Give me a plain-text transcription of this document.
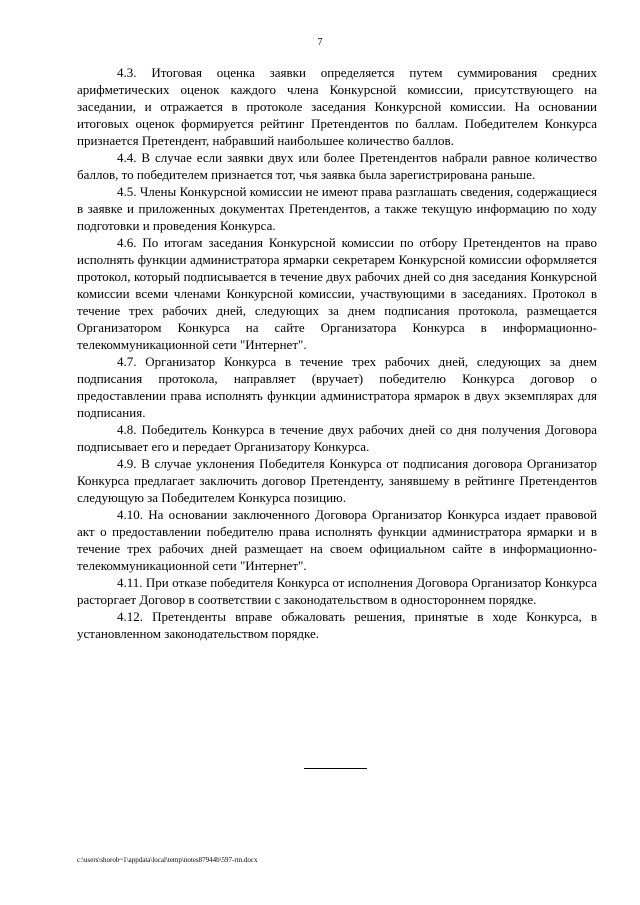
7

4.3. Итоговая оценка заявки определяется путем суммирования средних арифметических оценок каждого члена Конкурсной комиссии, присутствующего на заседании, и отражается в протоколе заседания Конкурсной комиссии. На основании итоговых оценок формируется рейтинг Претендентов по баллам. Победителем Конкурса признается Претендент, набравший наибольшее количество баллов.

4.4. В случае если заявки двух или более Претендентов набрали равное количество баллов, то победителем признается тот, чья заявка была зарегистрирована раньше.

4.5. Члены Конкурсной комиссии не имеют права разглашать сведения, содержащиеся в заявке и приложенных документах Претендентов, а также текущую информацию по ходу подготовки и проведения Конкурса.

4.6. По итогам заседания Конкурсной комиссии по отбору Претендентов на право исполнять функции администратора ярмарки секретарем Конкурсной комиссии оформляется протокол, который подписывается в течение двух рабочих дней со дня заседания Конкурсной комиссии всеми членами Конкурсной комиссии, участвующими в заседаниях. Протокол в течение трех рабочих дней, следующих за днем подписания протокола, размещается Организатором Конкурса на сайте Организатора Конкурса в информационно-телекоммуникационной сети "Интернет".

4.7. Организатор Конкурса в течение трех рабочих дней, следующих за днем подписания протокола, направляет (вручает) победителю Конкурса договор о предоставлении права исполнять функции администратора ярмарок в двух экземплярах для подписания.

4.8. Победитель Конкурса в течение двух рабочих дней со дня получения Договора подписывает его и передает Организатору Конкурса.

4.9. В случае уклонения Победителя Конкурса от подписания договора Организатор Конкурса предлагает заключить договор Претенденту, занявшему в рейтинге Претендентов следующую за Победителем Конкурса позицию.

4.10. На основании заключенного Договора Организатор Конкурса издает правовой акт о предоставлении победителю права исполнять функции администратора ярмарки и в течение трех рабочих дней размещает на своем официальном сайте в информационно-телекоммуникационной сети "Интернет".

4.11. При отказе победителя Конкурса от исполнения Договора Организатор Конкурса расторгает Договор в соответствии с законодательством в одностороннем порядке.

4.12. Претенденты вправе обжаловать решения, принятые в ходе Конкурса, в установленном законодательством порядке.

c:\users\shorob~1\appdata\local\temp\notes87944b\597-rm.docx
